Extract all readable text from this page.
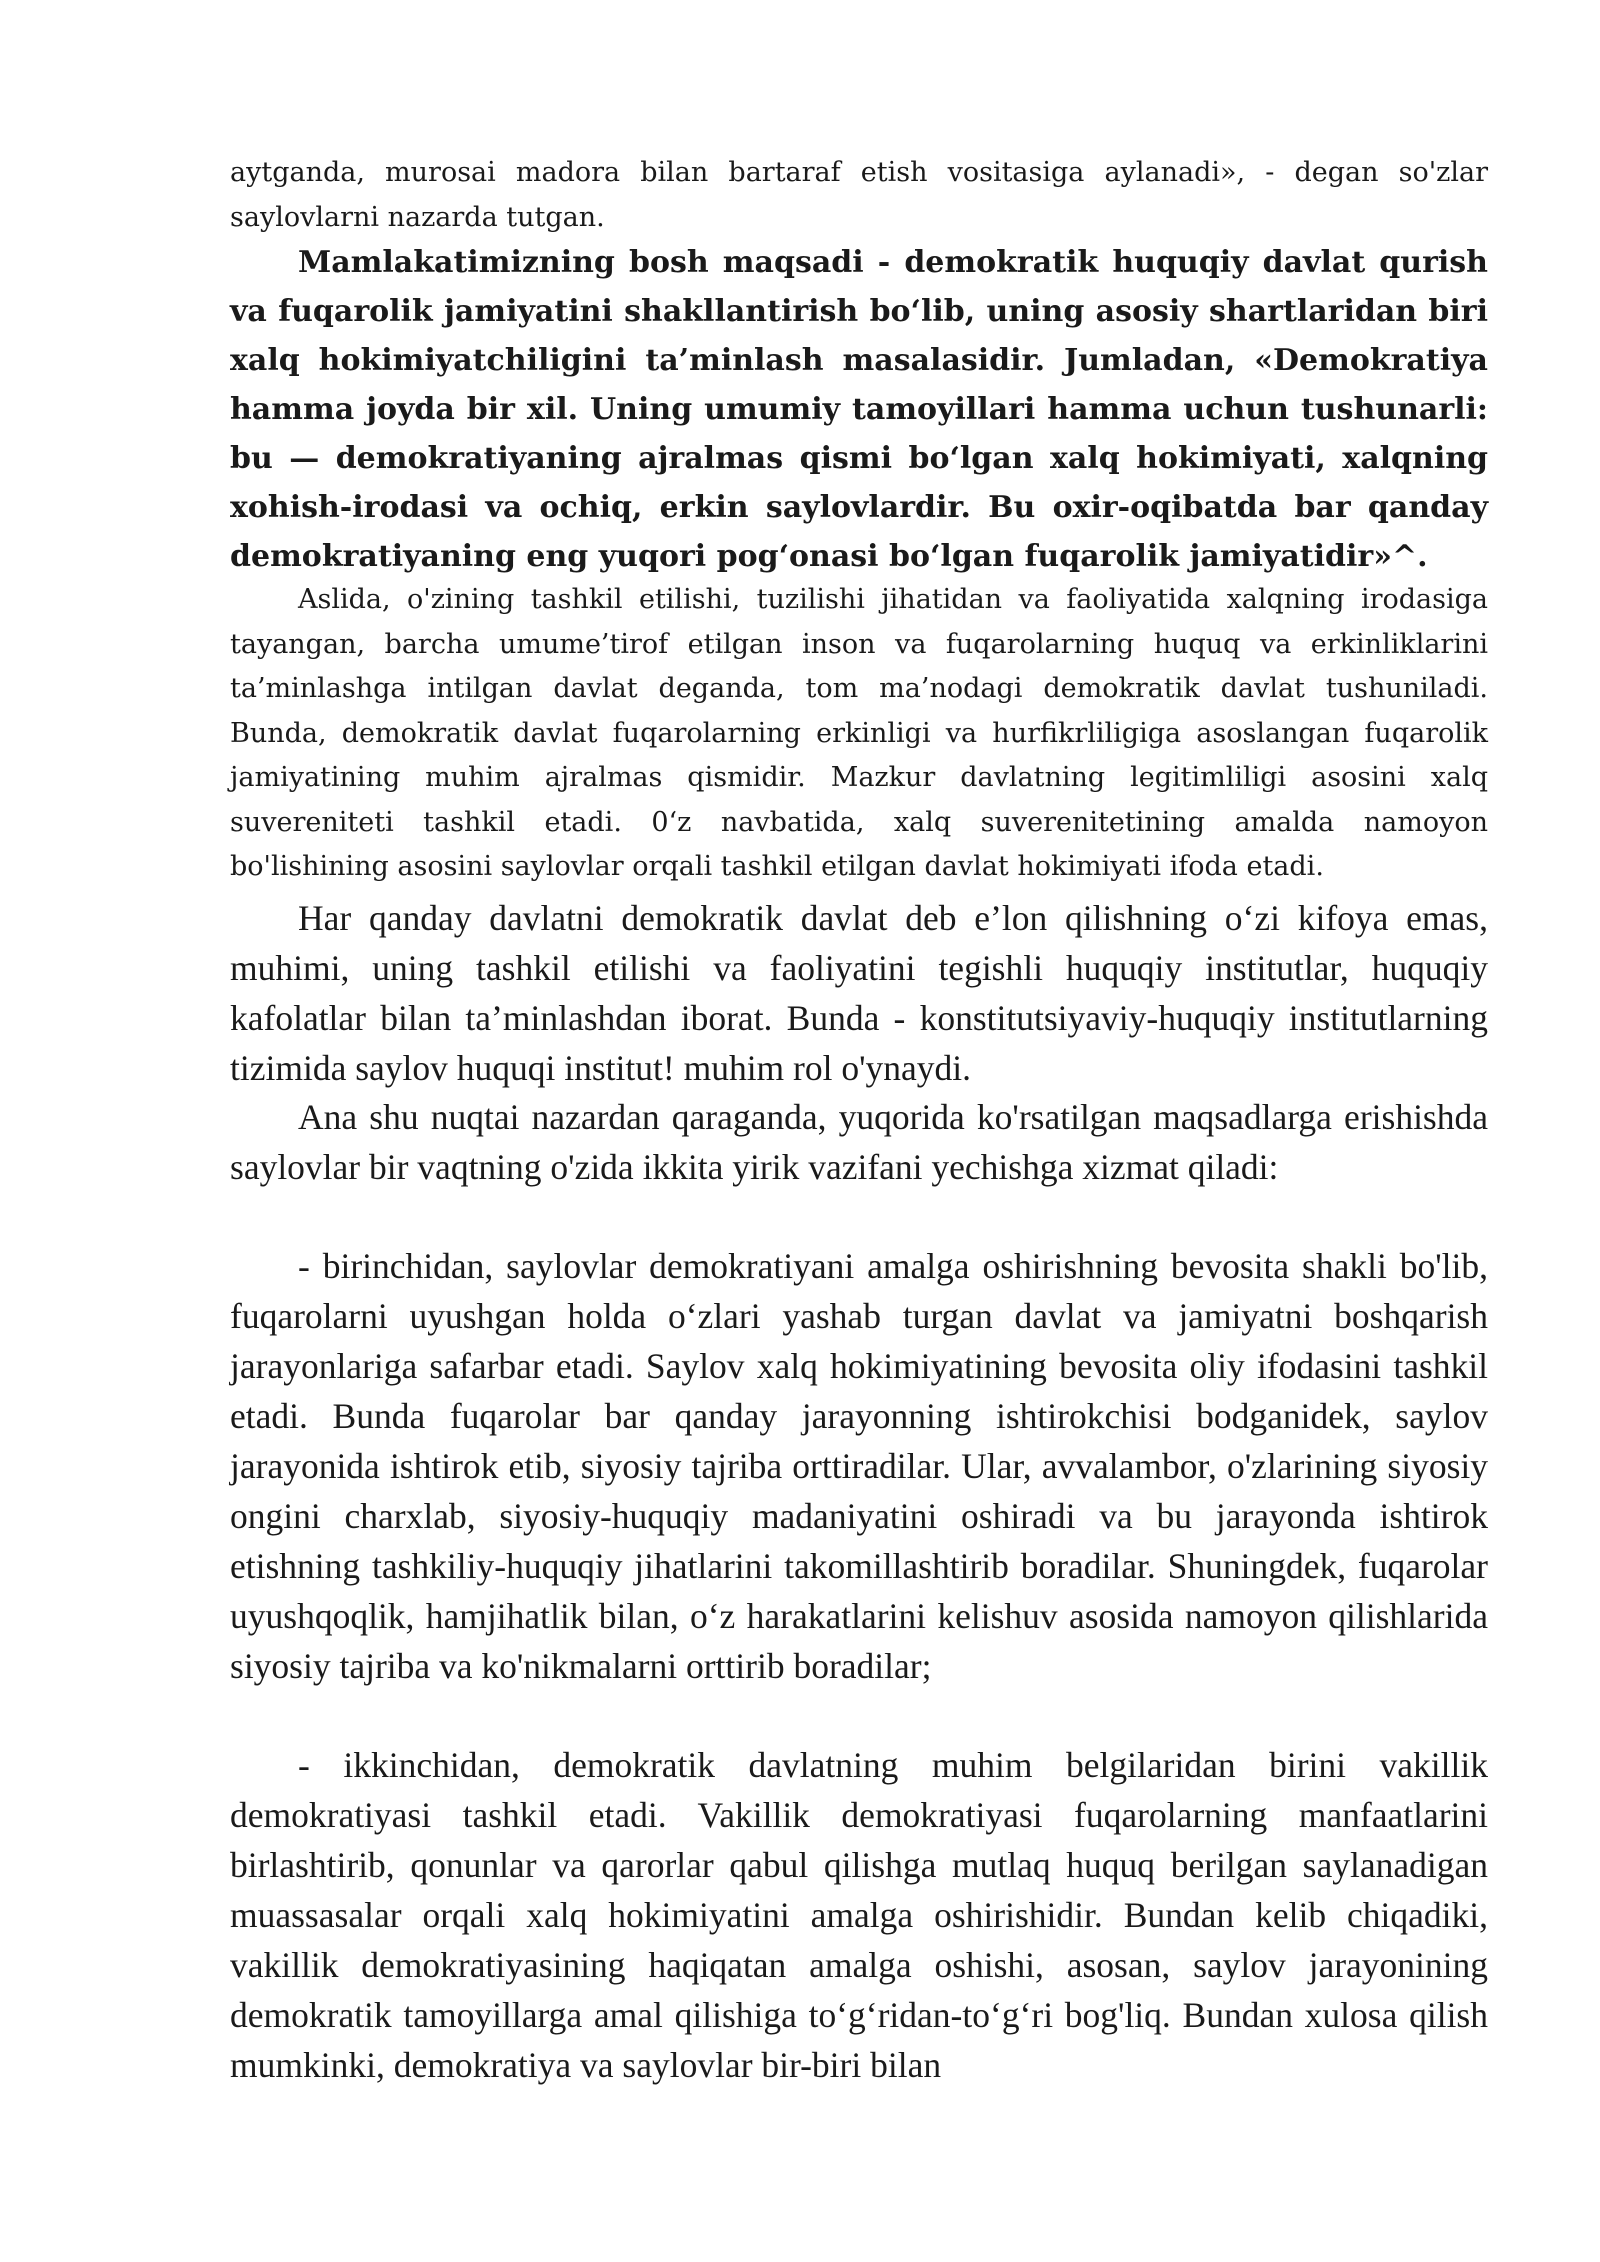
aytganda, murosai madora bilan bartaraf etish vositasiga aylanadi», - degan so'zlar saylovlarni nazarda tutgan.

Mamlakatimizning bosh maqsadi - demokratik huquqiy davlat qurish va fuqarolik jamiyatini shakllantirish bo‘lib, uning asosiy shartlaridan biri xalq hokimiyatchiligini ta’minlash masalasidir. Jumladan, «Demokratiya hamma joyda bir xil. Uning umumiy tamoyillari hamma uchun tushunarli: bu — demokratiyaning ajralmas qismi bo‘lgan xalq hokimiyati, xalqning xohish-irodasi va ochiq, erkin saylovlardir. Bu oxir-oqibatda bar qanday demokratiyaning eng yuqori pog‘onasi bo‘lgan fuqarolik jamiyatidir»^.

Aslida, o'zining tashkil etilishi, tuzilishi jihatidan va faoliyatida xalqning irodasiga tayangan, barcha umume’tirof etilgan inson va fuqarolarning huquq va erkinliklarini ta’minlashga intilgan davlat deganda, tom ma’nodagi demokratik davlat tushuniladi. Bunda, demokratik davlat fuqarolarning erkinligi va hurfikrliligiga asoslangan fuqarolik jamiyatining muhim ajralmas qismidir. Mazkur davlatning legitimliligi asosini xalq suvereniteti tashkil etadi. 0‘z navbatida, xalq suverenitetining amalda namoyon bo'lishining asosini saylovlar orqali tashkil etilgan davlat hokimiyati ifoda etadi.

Har qanday davlatni demokratik davlat deb e’lon qilishning o‘zi kifoya emas, muhimi, uning tashkil etilishi va faoliyatini tegishli huquqiy institutlar, huquqiy kafolatlar bilan ta’minlashdan iborat. Bunda - konstitutsiyaviy-huquqiy institutlarning tizimida saylov huquqi institut! muhim rol o'ynaydi.

Ana shu nuqtai nazardan qaraganda, yuqorida ko'rsatilgan maqsadlarga erishishda saylovlar bir vaqtning o'zida ikkita yirik vazifani yechishga xizmat qiladi:

- birinchidan, saylovlar demokratiyani amalga oshirishning bevosita shakli bo'lib, fuqarolarni uyushgan holda o‘zlari yashab turgan davlat va jamiyatni boshqarish jarayonlariga safarbar etadi. Saylov xalq hokimiyatining bevosita oliy ifodasini tashkil etadi. Bunda fuqarolar bar qanday jarayonning ishtirokchisi bodganidek, saylov jarayonida ishtirok etib, siyosiy tajriba orttiradilar. Ular, avvalambor, o'zlarining siyosiy ongini charxlab, siyosiy-huquqiy madaniyatini oshiradi va bu jarayonda ishtirok etishning tashkiliy-huquqiy jihatlarini takomillashtirib boradilar. Shuningdek, fuqarolar uyushqoqlik, hamjihatlik bilan, o‘z harakatlarini kelishuv asosida namoyon qilishlarida siyosiy tajriba va ko'nikmalarni orttirib boradilar;

- ikkinchidan, demokratik davlatning muhim belgilaridan birini vakillik demokratiyasi tashkil etadi. Vakillik demokratiyasi fuqarolarning manfaatlarini birlashtirib, qonunlar va qarorlar qabul qilishga mutlaq huquq berilgan saylanadigan muassasalar orqali xalq hokimiyatini amalga oshirishidir. Bundan kelib chiqadiki, vakillik demokratiyasining haqiqatan amalga oshishi, asosan, saylov jarayonining demokratik tamoyillarga amal qilishiga to‘g‘ridan-to‘g‘ri bog'liq. Bundan xulosa qilish mumkinki, demokratiya va saylovlar bir-biri bilan
